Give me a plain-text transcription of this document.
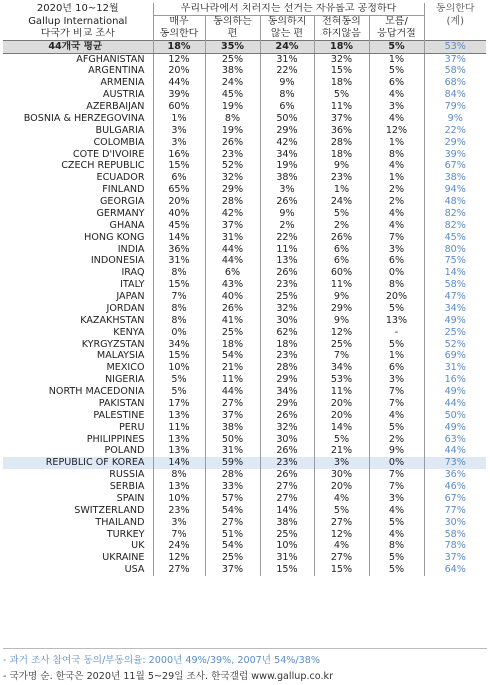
2020년 10~12월	우리나라에서 치러지는 선거는 자유롭고 공정하다					동의한다
Gallup International	매우	동의하는	동의하지	전혀동의	모름/	(계)
다국가 비교 조사	동의한다	편	않는 편	하지않음	응답거절	
44개국 평균	18%	35%	24%	18%	5%	53%
AFGHANISTAN	12%	25%	31%	32%	1%	37%
ARGENTINA	20%	38%	22%	15%	5%	58%
ARMENIA	44%	24%	9%	18%	6%	68%
AUSTRIA	39%	45%	8%	5%	4%	84%
AZERBAIJAN	60%	19%	6%	11%	3%	79%
BOSNIA & HERZEGOVINA	1%	8%	50%	37%	4%	9%
BULGARIA	3%	19%	29%	36%	12%	22%
COLOMBIA	3%	26%	42%	28%	1%	29%
COTE D'IVOIRE	16%	23%	34%	18%	8%	39%
CZECH REPUBLIC	15%	52%	19%	9%	4%	67%
ECUADOR	6%	32%	38%	23%	1%	38%
FINLAND	65%	29%	3%	1%	2%	94%
GEORGIA	20%	28%	26%	24%	2%	48%
GERMANY	40%	42%	9%	5%	4%	82%
GHANA	45%	37%	2%	2%	4%	82%
HONG KONG	14%	31%	22%	26%	7%	45%
INDIA	36%	44%	11%	6%	3%	80%
INDONESIA	31%	44%	13%	6%	6%	75%
IRAQ	8%	6%	26%	60%	0%	14%
ITALY	15%	43%	23%	11%	8%	58%
JAPAN	7%	40%	25%	9%	20%	47%
JORDAN	8%	26%	32%	29%	5%	34%
KAZAKHSTAN	8%	41%	30%	9%	13%	49%
KENYA	0%	25%	62%	12%	-	25%
KYRGYZSTAN	34%	18%	18%	25%	5%	52%
MALAYSIA	15%	54%	23%	7%	1%	69%
MEXICO	10%	21%	28%	34%	6%	31%
NIGERIA	5%	11%	29%	53%	3%	16%
NORTH MACEDONIA	5%	44%	34%	11%	7%	49%
PAKISTAN	17%	27%	29%	20%	7%	44%
PALESTINE	13%	37%	26%	20%	4%	50%
PERU	11%	38%	32%	14%	5%	49%
PHILIPPINES	13%	50%	30%	5%	2%	63%
POLAND	13%	31%	26%	21%	9%	44%
REPUBLIC OF KOREA	14%	59%	23%	3%	0%	73%
RUSSIA	8%	28%	26%	30%	7%	36%
SERBIA	13%	33%	27%	20%	7%	46%
SPAIN	10%	57%	27%	4%	3%	67%
SWITZERLAND	23%	54%	14%	5%	4%	77%
THAILAND	3%	27%	38%	27%	5%	30%
TURKEY	7%	51%	25%	12%	4%	58%
UK	24%	54%	10%	4%	8%	78%
UKRAINE	12%	25%	31%	27%	5%	37%
USA	27%	37%	15%	15%	5%	64%
- 과거 조사 참여국 동의/부동의율: 2000년 49%/39%, 2007년 54%/38%
- 국가명 순. 한국은 2020년 11월 5~29일 조사. 한국갤럽 www.gallup.co.kr
